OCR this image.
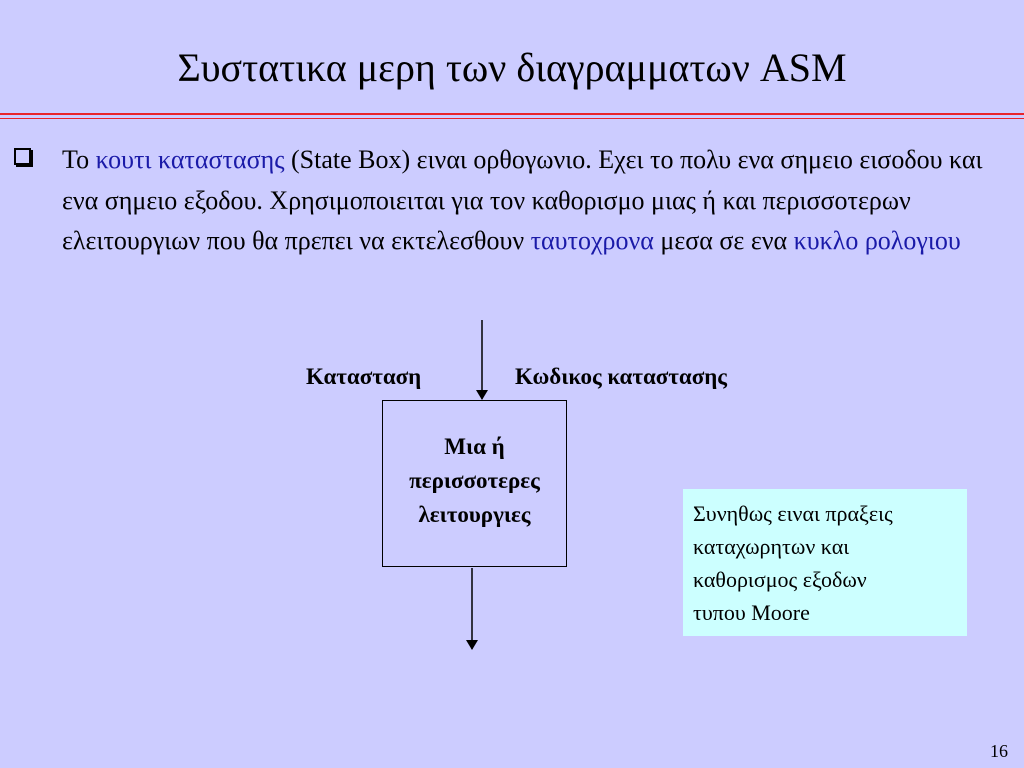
Συστατικα μερη των διαγραμματων ASM
Το κουτι καταστασης (State Box) ειναι ορθογωνιο. Εχει το πολυ ενα σημειο εισοδου και ενα σημειο εξοδου. Χρησιμοποιειται για τον καθορισμο μιας ή και περισσοτερων ελειτουργιων που θα πρεπει να εκτελεσθουν ταυτοχρονα μεσα σε ενα κυκλο ρολογιου
Κατασταση	Κωδικος καταστασης
Μια ή
περισσοτερες
λειτουργιες	Συνηθως ειναι πραξεις
καταχωρητων και
καθορισμος εξοδων
τυπου Moore
16
